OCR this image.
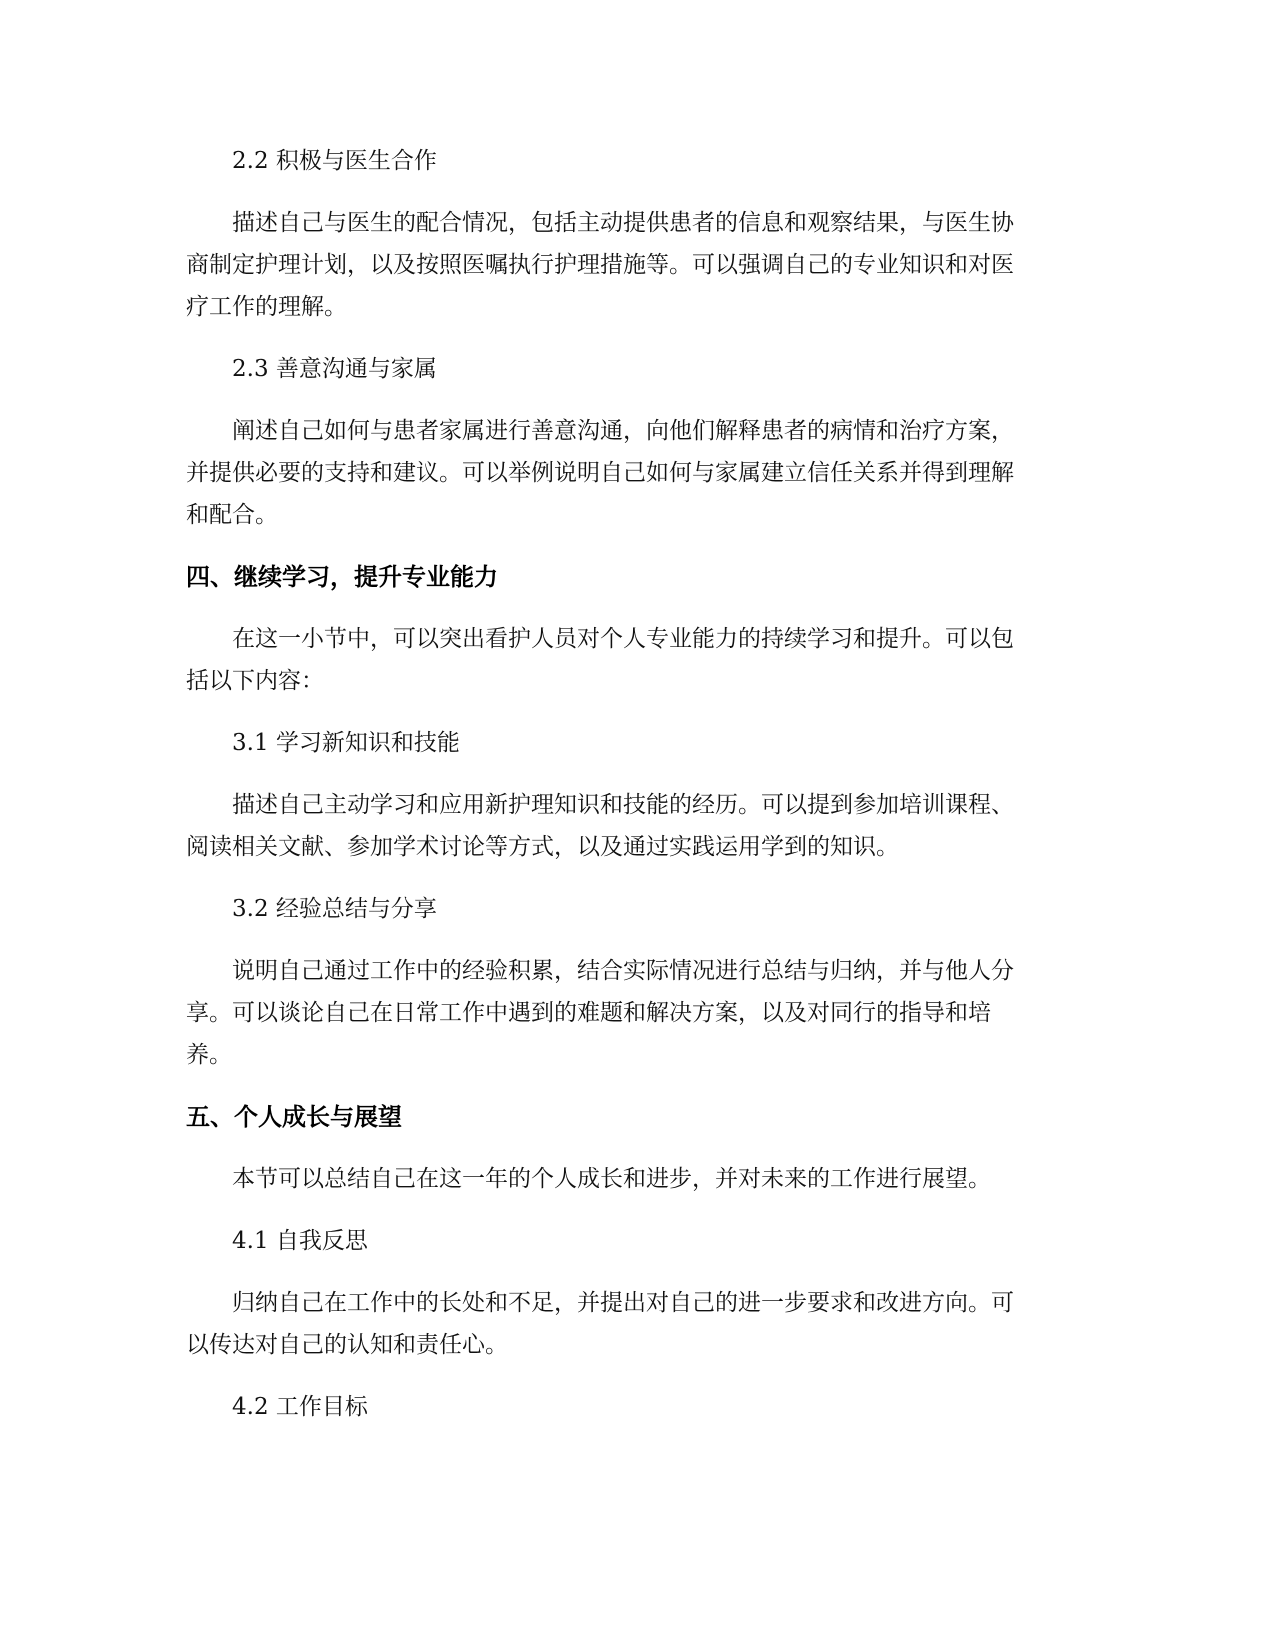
2.2 积极与医生合作
描述自己与医生的配合情况，包括主动提供患者的信息和观察结果，与医生协
商制定护理计划，以及按照医嘱执行护理措施等。可以强调自己的专业知识和对医
疗工作的理解。
2.3 善意沟通与家属
阐述自己如何与患者家属进行善意沟通，向他们解释患者的病情和治疗方案，
并提供必要的支持和建议。可以举例说明自己如何与家属建立信任关系并得到理解
和配合。
四、继续学习，提升专业能力
在这一小节中，可以突出看护人员对个人专业能力的持续学习和提升。可以包
括以下内容：
3.1 学习新知识和技能
描述自己主动学习和应用新护理知识和技能的经历。可以提到参加培训课程、
阅读相关文献、参加学术讨论等方式，以及通过实践运用学到的知识。
3.2 经验总结与分享
说明自己通过工作中的经验积累，结合实际情况进行总结与归纳，并与他人分
享。可以谈论自己在日常工作中遇到的难题和解决方案，以及对同行的指导和培
养。
五、个人成长与展望
本节可以总结自己在这一年的个人成长和进步，并对未来的工作进行展望。
4.1 自我反思
归纳自己在工作中的长处和不足，并提出对自己的进一步要求和改进方向。可
以传达对自己的认知和责任心。
4.2 工作目标
